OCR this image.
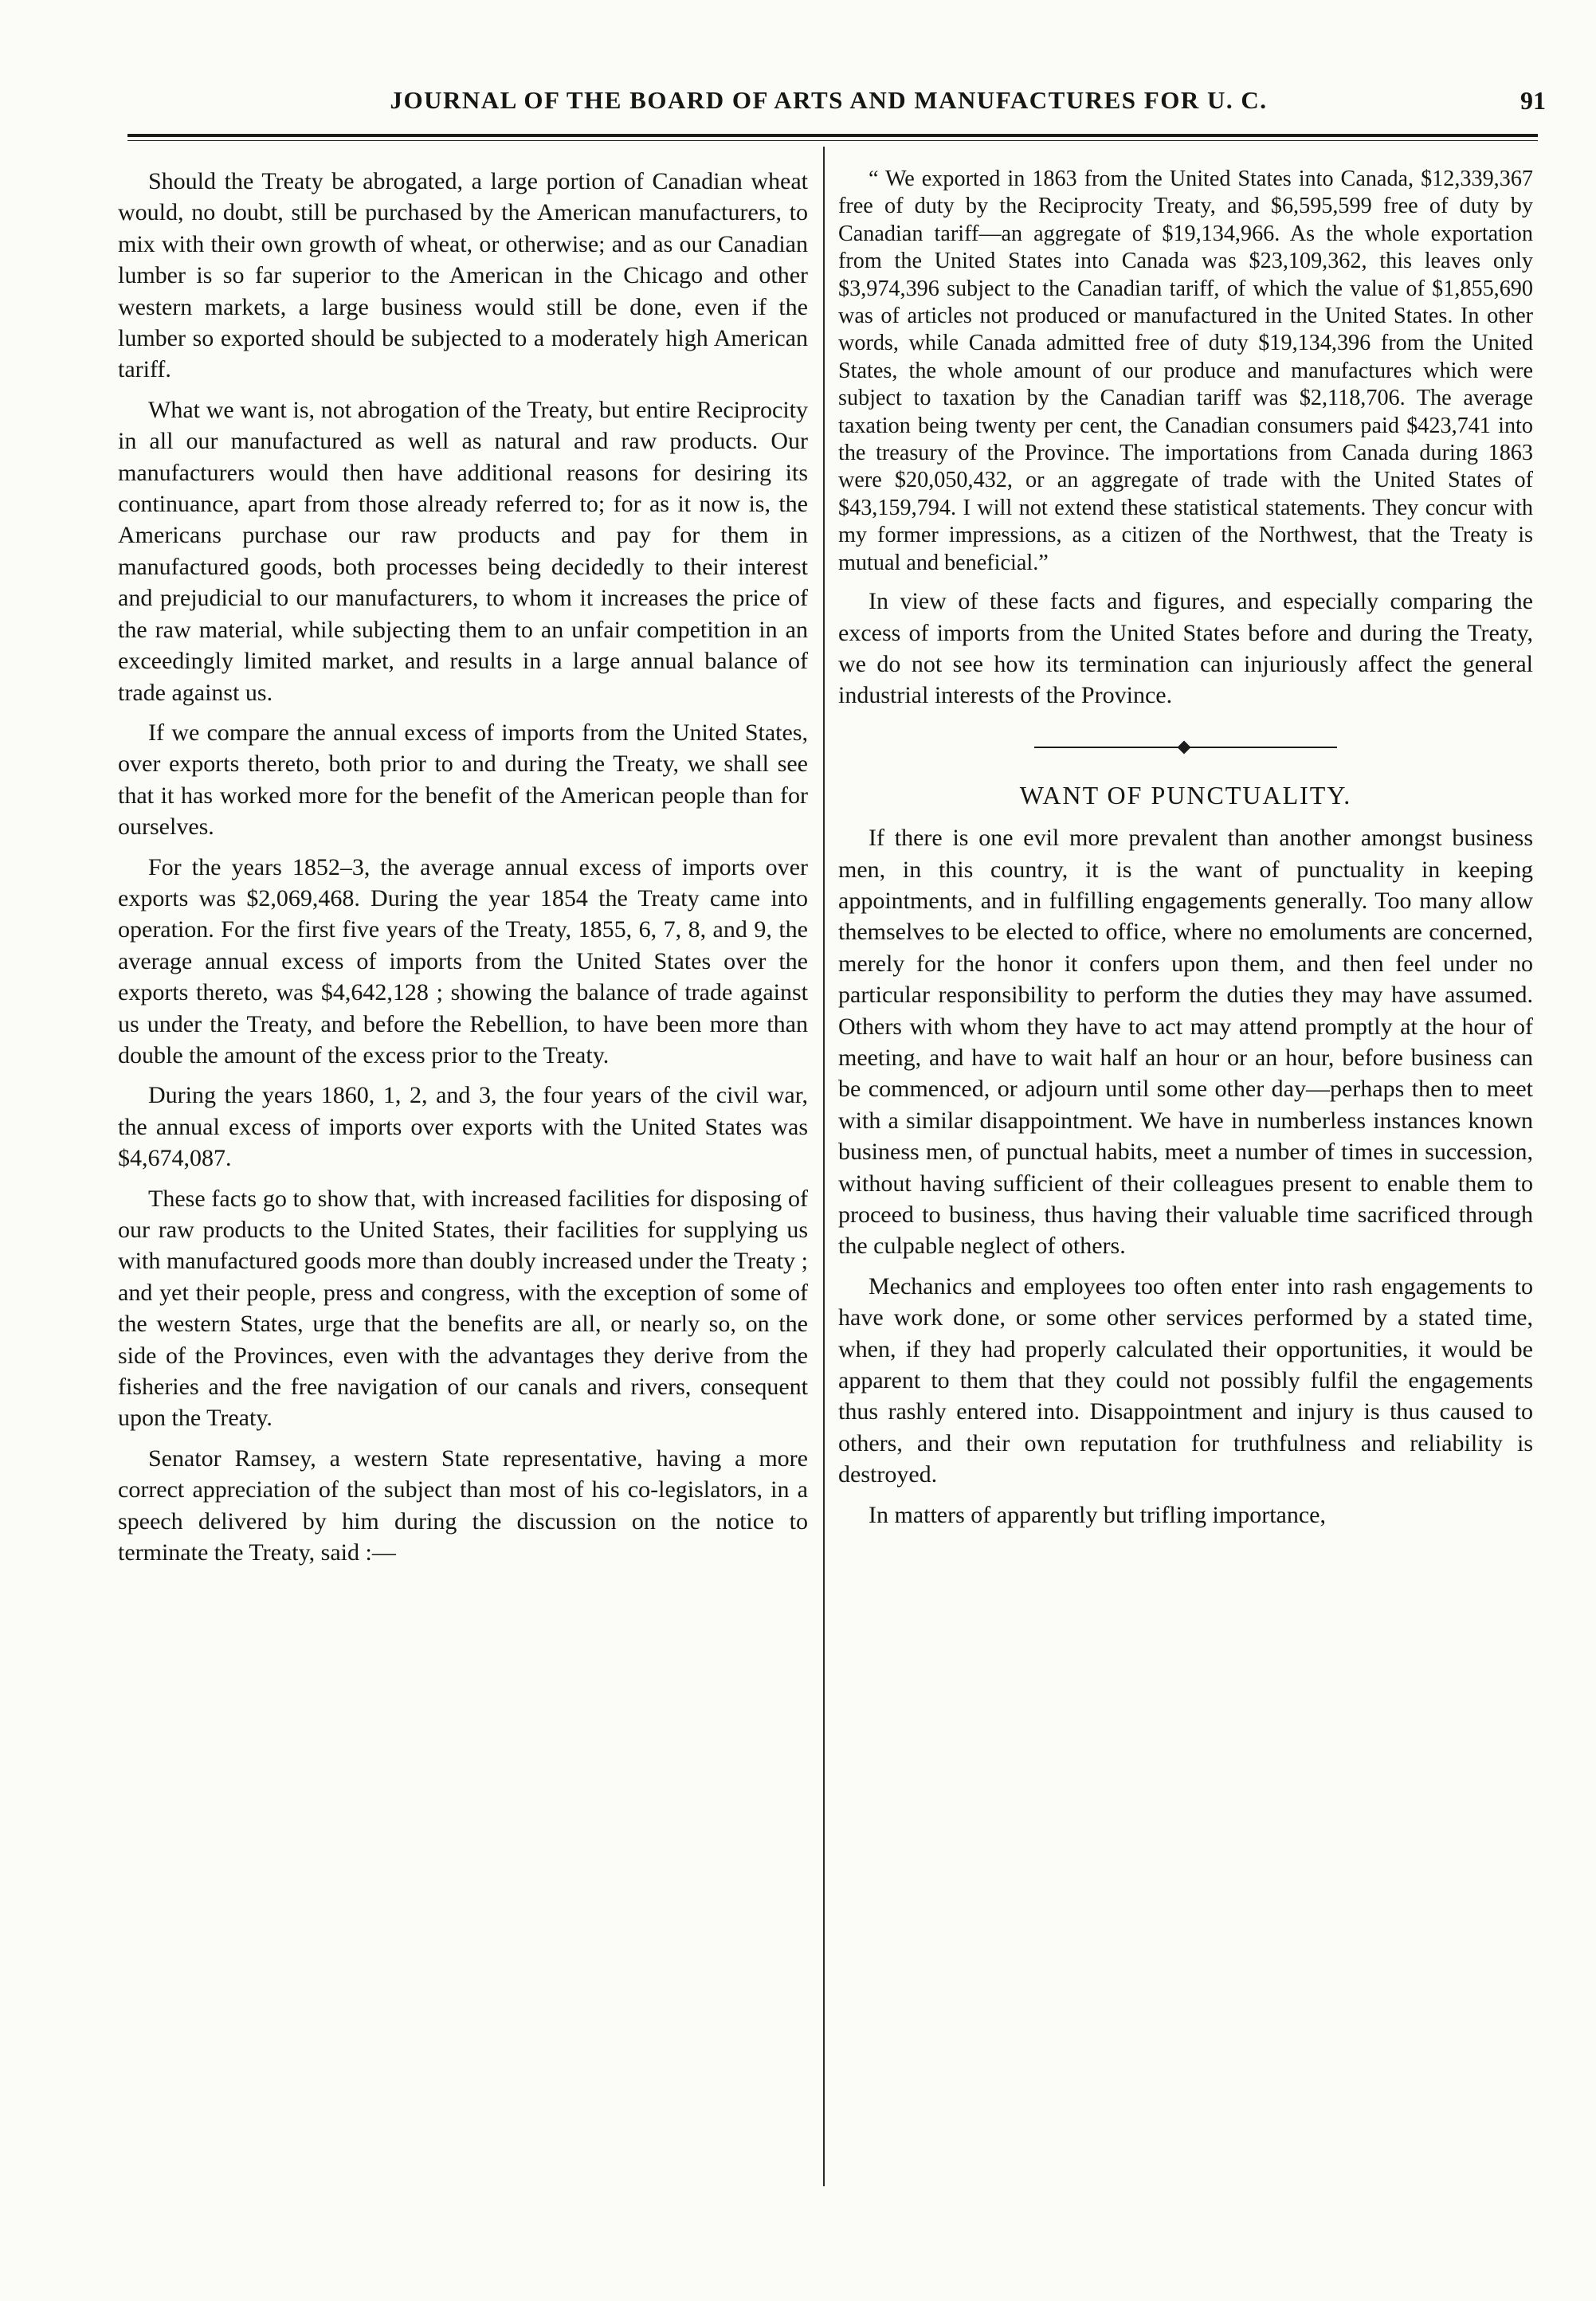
JOURNAL OF THE BOARD OF ARTS AND MANUFACTURES FOR U. C.	91

Should the Treaty be abrogated, a large portion of Canadian wheat would, no doubt, still be purchased by the American manufacturers, to mix with their own growth of wheat, or otherwise; and as our Canadian lumber is so far superior to the American in the Chicago and other western markets, a large business would still be done, even if the lumber so exported should be subjected to a moderately high American tariff.

What we want is, not abrogation of the Treaty, but entire Reciprocity in all our manufactured as well as natural and raw products. Our manufacturers would then have additional reasons for desiring its continuance, apart from those already referred to; for as it now is, the Americans purchase our raw products and pay for them in manufactured goods, both processes being decidedly to their interest and prejudicial to our manufacturers, to whom it increases the price of the raw material, while subjecting them to an unfair competition in an exceedingly limited market, and results in a large annual balance of trade against us.

If we compare the annual excess of imports from the United States, over exports thereto, both prior to and during the Treaty, we shall see that it has worked more for the benefit of the American people than for ourselves.

For the years 1852–3, the average annual excess of imports over exports was $2,069,468. During the year 1854 the Treaty came into operation. For the first five years of the Treaty, 1855, 6, 7, 8, and 9, the average annual excess of imports from the United States over the exports thereto, was $4,642,128 ; showing the balance of trade against us under the Treaty, and before the Rebellion, to have been more than double the amount of the excess prior to the Treaty.

During the years 1860, 1, 2, and 3, the four years of the civil war, the annual excess of imports over exports with the United States was $4,674,087.

These facts go to show that, with increased facilities for disposing of our raw products to the United States, their facilities for supplying us with manufactured goods more than doubly increased under the Treaty ; and yet their people, press and congress, with the exception of some of the western States, urge that the benefits are all, or nearly so, on the side of the Provinces, even with the advantages they derive from the fisheries and the free navigation of our canals and rivers, consequent upon the Treaty.

Senator Ramsey, a western State representative, having a more correct appreciation of the subject than most of his co-legislators, in a speech delivered by him during the discussion on the notice to terminate the Treaty, said :—

“ We exported in 1863 from the United States into Canada, $12,339,367 free of duty by the Reciprocity Treaty, and $6,595,599 free of duty by Canadian tariff—an aggregate of $19,134,966. As the whole exportation from the United States into Canada was $23,109,362, this leaves only $3,974,396 subject to the Canadian tariff, of which the value of $1,855,690 was of articles not produced or manufactured in the United States. In other words, while Canada admitted free of duty $19,134,396 from the United States, the whole amount of our produce and manufactures which were subject to taxation by the Canadian tariff was $2,118,706. The average taxation being twenty per cent, the Canadian consumers paid $423,741 into the treasury of the Province. The importations from Canada during 1863 were $20,050,432, or an aggregate of trade with the United States of $43,159,794. I will not extend these statistical statements. They concur with my former impressions, as a citizen of the Northwest, that the Treaty is mutual and beneficial.”

In view of these facts and figures, and especially comparing the excess of imports from the United States before and during the Treaty, we do not see how its termination can injuriously affect the general industrial interests of the Province.

WANT OF PUNCTUALITY.

If there is one evil more prevalent than another amongst business men, in this country, it is the want of punctuality in keeping appointments, and in fulfilling engagements generally. Too many allow themselves to be elected to office, where no emoluments are concerned, merely for the honor it confers upon them, and then feel under no particular responsibility to perform the duties they may have assumed. Others with whom they have to act may attend promptly at the hour of meeting, and have to wait half an hour or an hour, before business can be commenced, or adjourn until some other day—perhaps then to meet with a similar disappointment. We have in numberless instances known business men, of punctual habits, meet a number of times in succession, without having sufficient of their colleagues present to enable them to proceed to business, thus having their valuable time sacrificed through the culpable neglect of others.

Mechanics and employees too often enter into rash engagements to have work done, or some other services performed by a stated time, when, if they had properly calculated their opportunities, it would be apparent to them that they could not possibly fulfil the engagements thus rashly entered into. Disappointment and injury is thus caused to others, and their own reputation for truthfulness and reliability is destroyed.

In matters of apparently but trifling importance,
